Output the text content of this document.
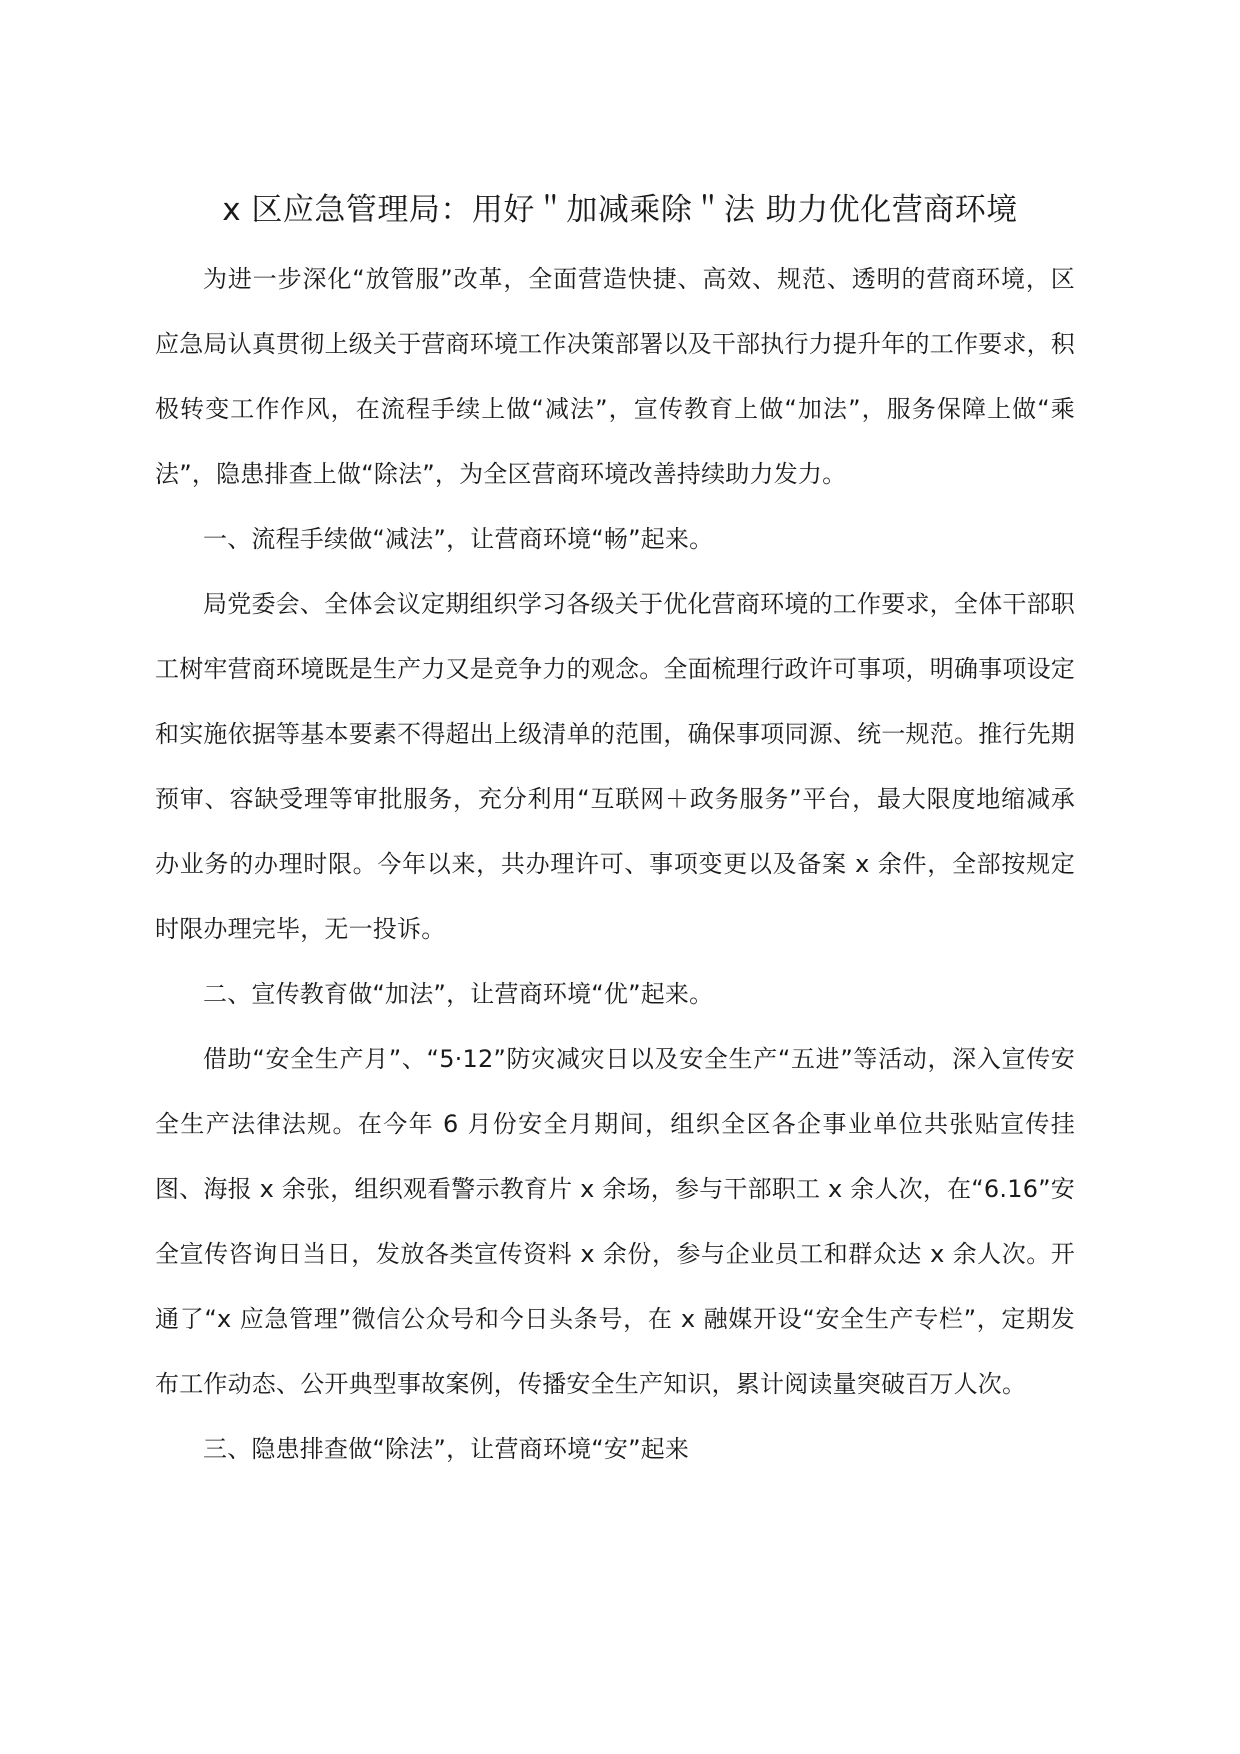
x 区应急管理局：用好＂加减乘除＂法 助力优化营商环境

为进一步深化“放管服”改革，全面营造快捷、高效、规范、透明的营商环境，区应急局认真贯彻上级关于营商环境工作决策部署以及干部执行力提升年的工作要求，积极转变工作作风，在流程手续上做“减法”，宣传教育上做“加法”，服务保障上做“乘法”，隐患排查上做“除法”，为全区营商环境改善持续助力发力。

一、流程手续做“减法”，让营商环境“畅”起来。

局党委会、全体会议定期组织学习各级关于优化营商环境的工作要求，全体干部职工树牢营商环境既是生产力又是竞争力的观念。全面梳理行政许可事项，明确事项设定和实施依据等基本要素不得超出上级清单的范围，确保事项同源、统一规范。推行先期预审、容缺受理等审批服务，充分利用“互联网＋政务服务”平台，最大限度地缩减承办业务的办理时限。今年以来，共办理许可、事项变更以及备案 x 余件，全部按规定时限办理完毕，无一投诉。

二、宣传教育做“加法”，让营商环境“优”起来。

借助“安全生产月”、“5·12”防灾减灾日以及安全生产“五进”等活动，深入宣传安全生产法律法规。在今年 6 月份安全月期间，组织全区各企事业单位共张贴宣传挂图、海报 x 余张，组织观看警示教育片 x 余场，参与干部职工 x 余人次，在“6.16”安全宣传咨询日当日，发放各类宣传资料 x 余份，参与企业员工和群众达 x 余人次。开通了“x 应急管理”微信公众号和今日头条号，在 x 融媒开设“安全生产专栏”，定期发布工作动态、公开典型事故案例，传播安全生产知识，累计阅读量突破百万人次。

三、隐患排查做“除法”，让营商环境“安”起来
